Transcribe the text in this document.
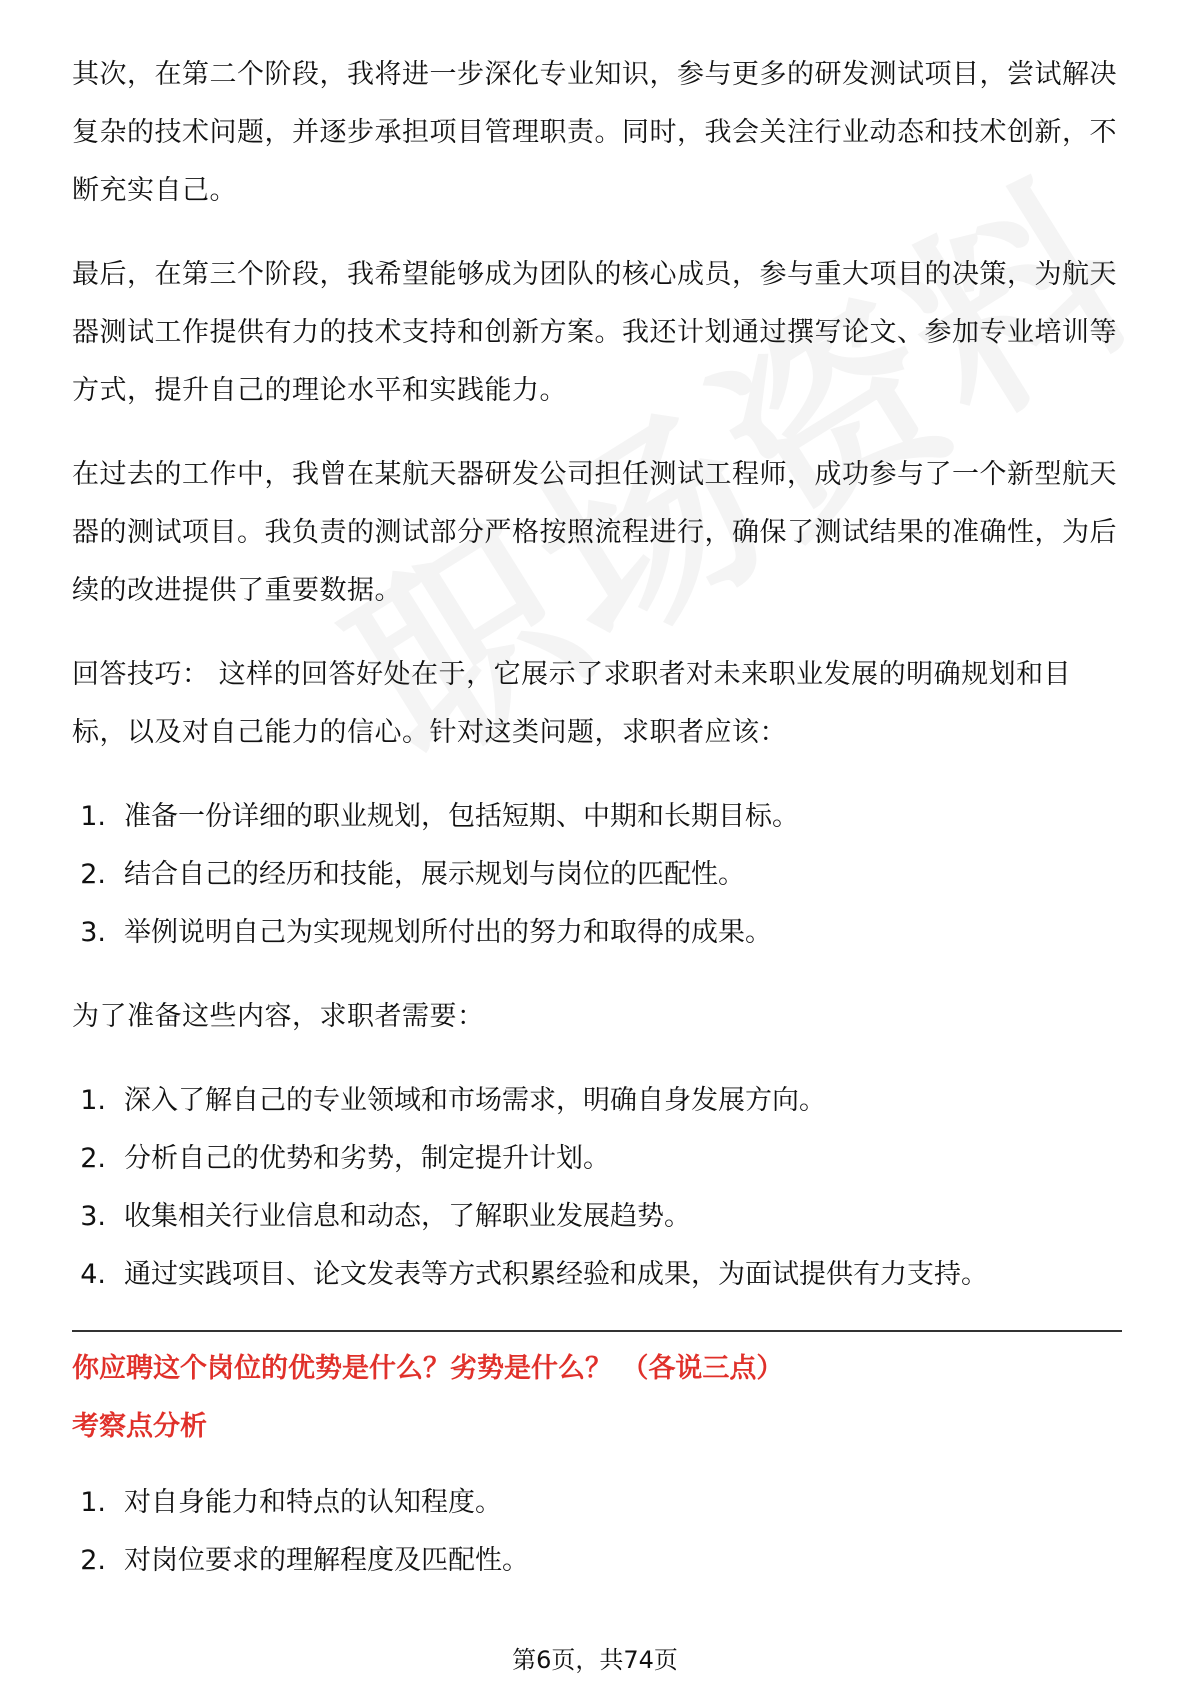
其次，在第二个阶段，我将进一步深化专业知识，参与更多的研发测试项目，尝试解决复杂的技术问题，并逐步承担项目管理职责。同时，我会关注行业动态和技术创新，不断充实自己。

最后，在第三个阶段，我希望能够成为团队的核心成员，参与重大项目的决策，为航天器测试工作提供有力的技术支持和创新方案。我还计划通过撰写论文、参加专业培训等方式，提升自己的理论水平和实践能力。

在过去的工作中，我曾在某航天器研发公司担任测试工程师，成功参与了一个新型航天器的测试项目。我负责的测试部分严格按照流程进行，确保了测试结果的准确性，为后续的改进提供了重要数据。

回答技巧： 这样的回答好处在于，它展示了求职者对未来职业发展的明确规划和目标，以及对自己能力的信心。针对这类问题，求职者应该：

1. 准备一份详细的职业规划，包括短期、中期和长期目标。
2. 结合自己的经历和技能，展示规划与岗位的匹配性。
3. 举例说明自己为实现规划所付出的努力和取得的成果。

为了准备这些内容，求职者需要：

1. 深入了解自己的专业领域和市场需求，明确自身发展方向。
2. 分析自己的优势和劣势，制定提升计划。
3. 收集相关行业信息和动态，了解职业发展趋势。
4. 通过实践项目、论文发表等方式积累经验和成果，为面试提供有力支持。

你应聘这个岗位的优势是什么？劣势是什么？ （各说三点）

考察点分析

1. 对自身能力和特点的认知程度。
2. 对岗位要求的理解程度及匹配性。
第6页，共74页
